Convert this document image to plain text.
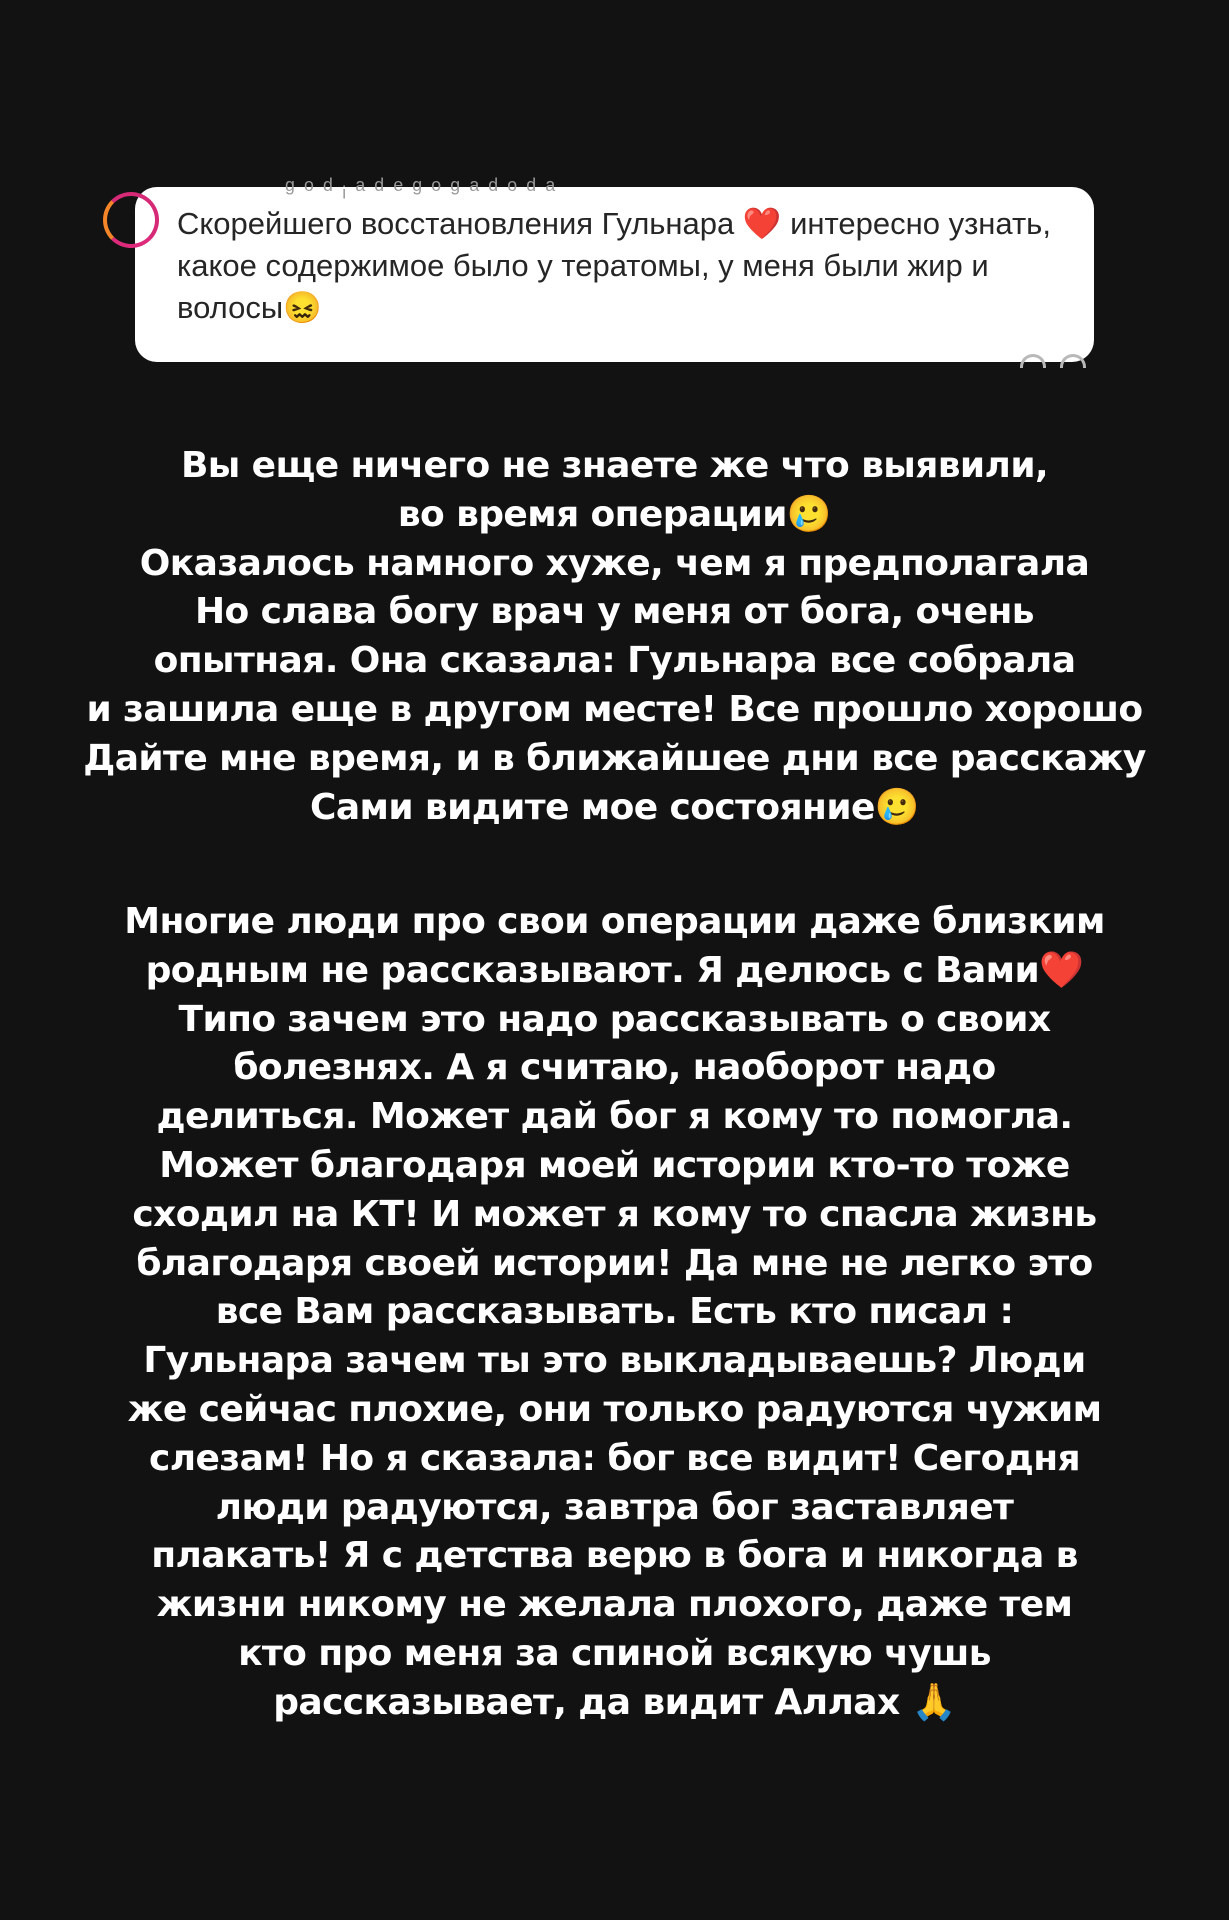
ᵍ ᵒ ᵈ ᵢ ᵃ ᵈ ᵉ ᵍ ᵒ ᵍ ᵃ ᵈ ᵒ ᵈ ᵃ

Скорейшего восстановления Гульнара ❤️ интересно узнать, какое содержимое было у тератомы, у меня были жир и волосы😖

Вы еще ничего не знаете же что выявили,
во время операции🥲
Оказалось намного хуже, чем я предполагала
Но слава богу врач у меня от бога, очень
опытная. Она сказала: Гульнара все собрала
и зашила еще в другом месте! Все прошло хорошо
Дайте мне время, и в ближайшее дни все расскажу
Сами видите мое состояние🥲

Многие люди про свои операции даже близким
родным не рассказывают. Я делюсь с Вами❤️
Типо зачем это надо рассказывать о своих
болезнях. А я считаю, наоборот надо
делиться. Может дай бог я кому то помогла.
Может благодаря моей истории кто-то тоже
сходил на КТ! И может я кому то спасла жизнь
благодаря своей истории! Да мне не легко это
все Вам рассказывать. Есть кто писал :
Гульнара зачем ты это выкладываешь? Люди
же сейчас плохие, они только радуются чужим
слезам! Но я сказала: бог все видит! Сегодня
люди радуются, завтра бог заставляет
плакать! Я с детства верю в бога и никогда в
жизни никому не желала плохого, даже тем
кто про меня за спиной всякую чушь
рассказывает, да видит Аллах 🙏
